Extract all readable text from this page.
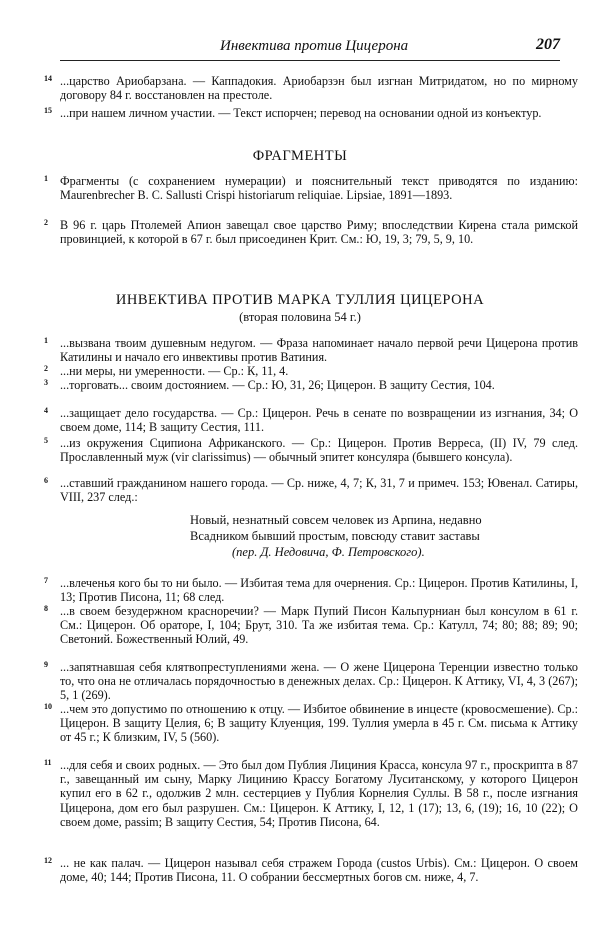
Инвектива против Цицерона	207
14 ...царство Ариобарзана. — Каппадокия. Ариобарзэн был изгнан Митридатом, но по мирному договору 84 г. восстановлен на престоле.
15 ...при нашем личном участии. — Текст испорчен; перевод на основании одной из конъектур.
ФРАГМЕНТЫ
1 Фрагменты (с сохранением нумерации) и пояснительный текст приводятся по изданию: Maurenbrecher B. C. Sallusti Crispi historiarum reliquiae. Lipsiae, 1891—1893.
2 В 96 г. царь Птолемей Апион завещал свое царство Риму; впоследствии Кирена стала римской провинцией, к которой в 67 г. был присоединен Крит. См.: Ю, 19, 3; 79, 5, 9, 10.
ИНВЕКТИВА ПРОТИВ МАРКА ТУЛЛИЯ ЦИЦЕРОНА
(вторая половина 54 г.)
1 ...вызвана твоим душевным недугом. — Фраза напоминает начало первой речи Цицерона против Катилины и начало его инвективы против Ватиния.
2 ...ни меры, ни умеренности. — Ср.: К, 11, 4.
3 ...торговать... своим достоянием. — Ср.: Ю, 31, 26; Цицерон. В защиту Сестия, 104.
4 ...защищает дело государства. — Ср.: Цицерон. Речь в сенате по возвращении из изгнания, 34; О своем доме, 114; В защиту Сестия, 111.
5 ...из окружения Сципиона Африканского. — Ср.: Цицерон. Против Верреса, (II) IV, 79 след. Прославленный муж (vir clarissimus) — обычный эпитет консуляра (бывшего консула).
6 ...ставший гражданином нашего города. — Ср. ниже, 4, 7; К, 31, 7 и примеч. 153; Ювенал. Сатиры, VIII, 237 след.:
Новый, незнатный совсем человек из Арпина, недавно
Всадником бывший простым, повсюду ставит заставы
(пер. Д. Недовича, Ф. Петровского).
7 ...влеченья кого бы то ни было. — Избитая тема для очернения. Ср.: Цицерон. Против Катилины, I, 13; Против Писона, 11; 68 след.
8 ...в своем безудержном красноречии? — Марк Пупий Писон Кальпурниан был консулом в 61 г. См.: Цицерон. Об ораторе, I, 104; Брут, 310. Та же избитая тема. Ср.: Катулл, 74; 80; 88; 89; 90; Светоний. Божественный Юлий, 49.
9 ...запятнавшая себя клятвопреступлениями жена. — О жене Цицерона Теренции известно только то, что она не отличалась порядочностью в денежных делах. Ср.: Цицерон. К Аттику, VI, 4, 3 (267); 5, 1 (269).
10 ...чем это допустимо по отношению к отцу. — Избитое обвинение в инцесте (кровосмешение). Ср.: Цицерон. В защиту Целия, 6; В защиту Клуенция, 199. Туллия умерла в 45 г. См. письма к Аттику от 45 г.; К близким, IV, 5 (560).
11 ...для себя и своих родных. — Это был дом Публия Лициния Красса, консула 97 г., проскрипта в 87 г., завещанный им сыну, Марку Лицинию Крассу Богатому Луситанскому, у которого Цицерон купил его в 62 г., одолжив 2 млн. сестерциев у Публия Корнелия Суллы. В 58 г., после изгнания Цицерона, дом его был разрушен. См.: Цицерон. К Аттику, I, 12, 1 (17); 13, 6, (19); 16, 10 (22); О своем доме, passim; В защиту Сестия, 54; Против Писона, 64.
12 ... не как палач. — Цицерон называл себя стражем Города (custos Urbis). См.: Цицерон. О своем доме, 40; 144; Против Писона, 11. О собрании бессмертных богов см. ниже, 4, 7.
